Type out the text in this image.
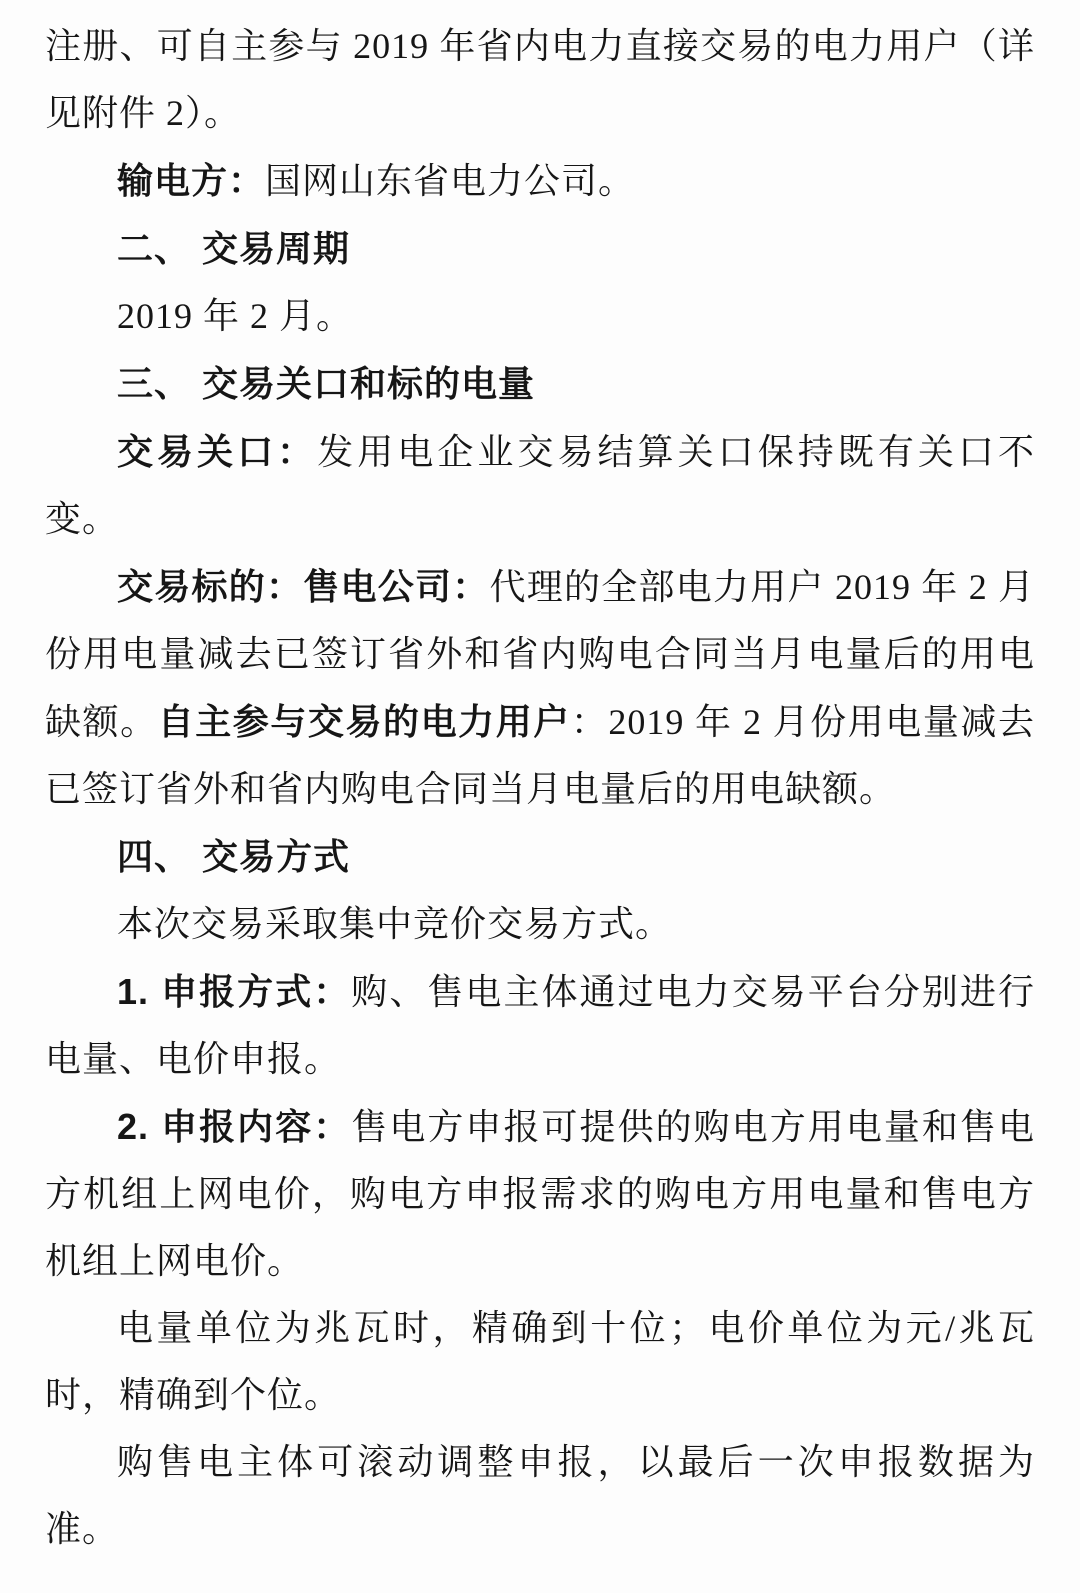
注册、可自主参与 2019 年省内电力直接交易的电力用户（详见附件 2）。

输电方：国网山东省电力公司。

二、 交易周期

2019 年 2 月。

三、 交易关口和标的电量

交易关口：发用电企业交易结算关口保持既有关口不变。

交易标的：售电公司：代理的全部电力用户 2019 年 2 月份用电量减去已签订省外和省内购电合同当月电量后的用电缺额。自主参与交易的电力用户：2019 年 2 月份用电量减去已签订省外和省内购电合同当月电量后的用电缺额。

四、 交易方式

本次交易采取集中竞价交易方式。

1. 申报方式：购、售电主体通过电力交易平台分别进行电量、电价申报。

2. 申报内容：售电方申报可提供的购电方用电量和售电方机组上网电价，购电方申报需求的购电方用电量和售电方机组上网电价。

电量单位为兆瓦时，精确到十位；电价单位为元/兆瓦时，精确到个位。

购售电主体可滚动调整申报，以最后一次申报数据为准。
